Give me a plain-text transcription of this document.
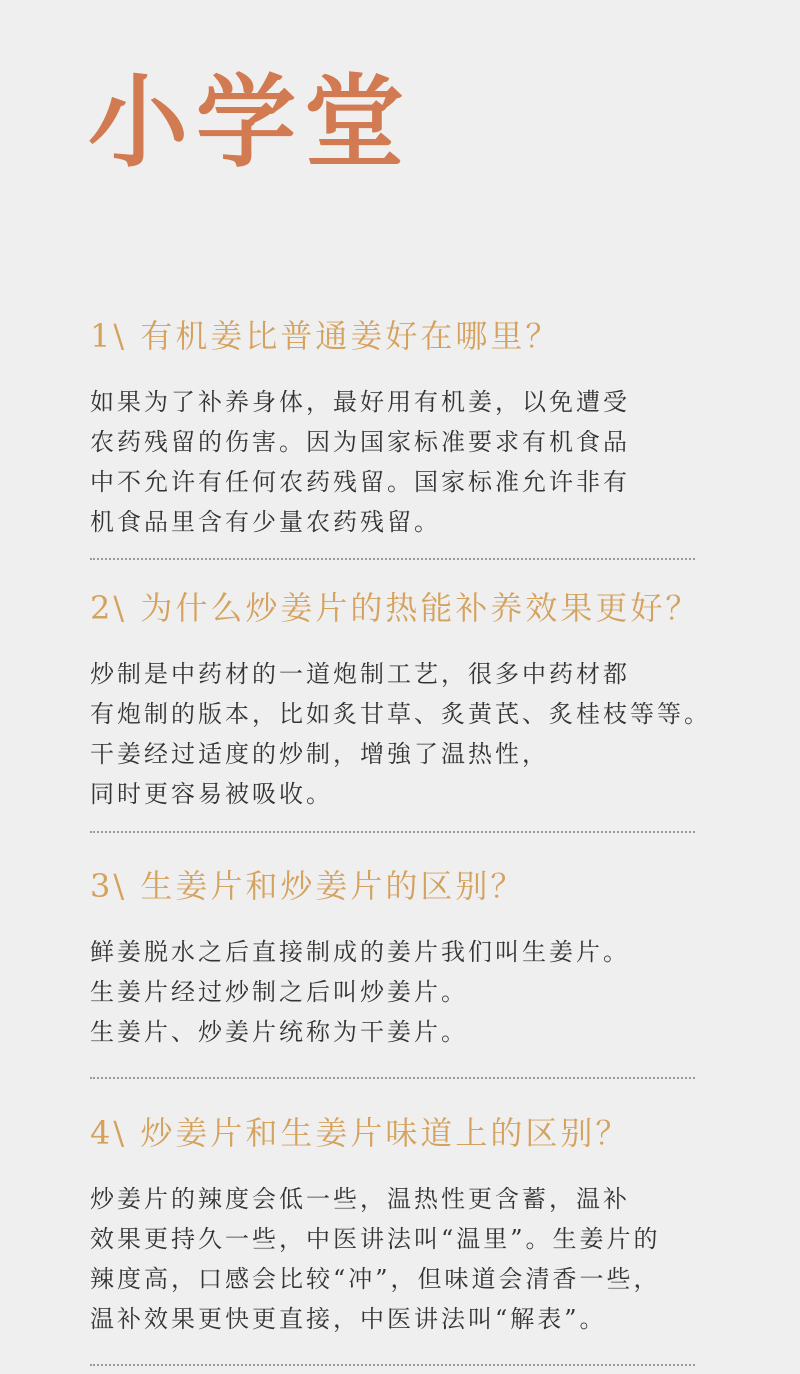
小学堂
1\ 有机姜比普通姜好在哪里？
如果为了补养身体，最好用有机姜，以免遭受
农药残留的伤害。因为国家标准要求有机食品
中不允许有任何农药残留。国家标准允许非有
机食品里含有少量农药残留。
2\ 为什么炒姜片的热能补养效果更好？
炒制是中药材的一道炮制工艺，很多中药材都
有炮制的版本，比如炙甘草、炙黄芪、炙桂枝等等。
干姜经过适度的炒制，增強了温热性，
同时更容易被吸收。
3\ 生姜片和炒姜片的区别？
鲜姜脱水之后直接制成的姜片我们叫生姜片。
生姜片经过炒制之后叫炒姜片。
生姜片、炒姜片统称为干姜片。
4\ 炒姜片和生姜片味道上的区别？
炒姜片的辣度会低一些，温热性更含蓄，温补
效果更持久一些，中医讲法叫“温里”。生姜片的
辣度高，口感会比较“冲”，但味道会清香一些，
温补效果更快更直接，中医讲法叫“解表”。
